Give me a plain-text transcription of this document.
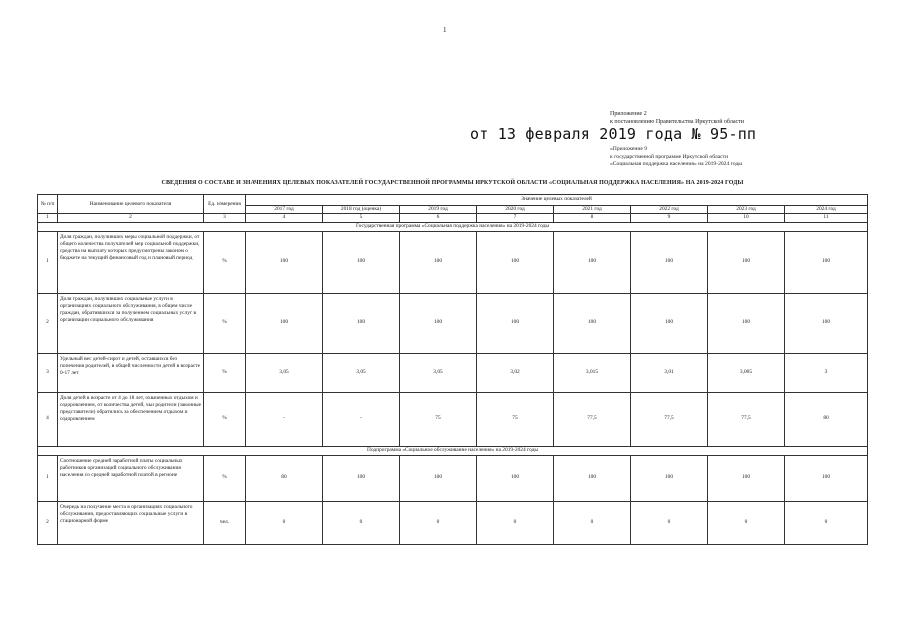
1
Приложение 2
к постановлению Правительства Иркутской области
от 13 февраля 2019 года № 95-пп
«Приложение 9
к государственной программе Иркутской области
«Социальная поддержка населения» на 2019-2024 годы
СВЕДЕНИЯ О СОСТАВЕ И ЗНАЧЕНИЯХ ЦЕЛЕВЫХ ПОКАЗАТЕЛЕЙ ГОСУДАРСТВЕННОЙ ПРОГРАММЫ ИРКУТСКОЙ ОБЛАСТИ «СОЦИАЛЬНАЯ ПОДДЕРЖКА НАСЕЛЕНИЯ» НА 2019-2024 ГОДЫ
№ п/п	Наименование целевого показателя	Ед. измерения	Значение целевых показателей							
			2017 год	2018 год (оценка)	2019 год	2020 год	2021 год	2022 год	2023 год	2024 год
1	2	3	4	5	6	7	8	9	10	11
Государственная программа «Социальная поддержка населения» на 2019-2024 годы										
1	Доля граждан, получивших меры социальной поддержки, от общего количества получателей мер социальной поддержки, средства на выплату которых предусмотрены законом о бюджете на текущий финансовый год и плановый период	%	100	100	100	100	100	100	100	100
2	Доля граждан, получивших социальные услуги в организациях социального обслуживания, в общем числе граждан, обратившихся за получением социальных услуг в организации социального обслуживания	%	100	100	100	100	100	100	100	100
3	Удельный вес детей-сирот и детей, оставшихся без попечения родителей, в общей численности детей в возрасте 0-17 лет	%	3,05	3,05	3,05	3,02	3,015	3,01	3,005	3
4	Доля детей в возрасте от 4 до 18 лет, охваченных отдыхом и оздоровлением, от количества детей, чьи родители (законные представители) обратились за обеспечением отдыхом и оздоровлением	%	-	-	75	75	77,5	77,5	77,5	80
Подпрограмма «Социальное обслуживание населения» на 2019-2024 годы										
1	Соотношение средней заработной платы социальных работников организаций социального обслуживания населения со средней заработной платой в регионе	%	80	100	100	100	100	100	100	100
2	Очередь на получение места в организациях социального обслуживания, предоставляющих социальные услуги в стационарной форме	чел.	0	0	0	0	0	0	0	0
